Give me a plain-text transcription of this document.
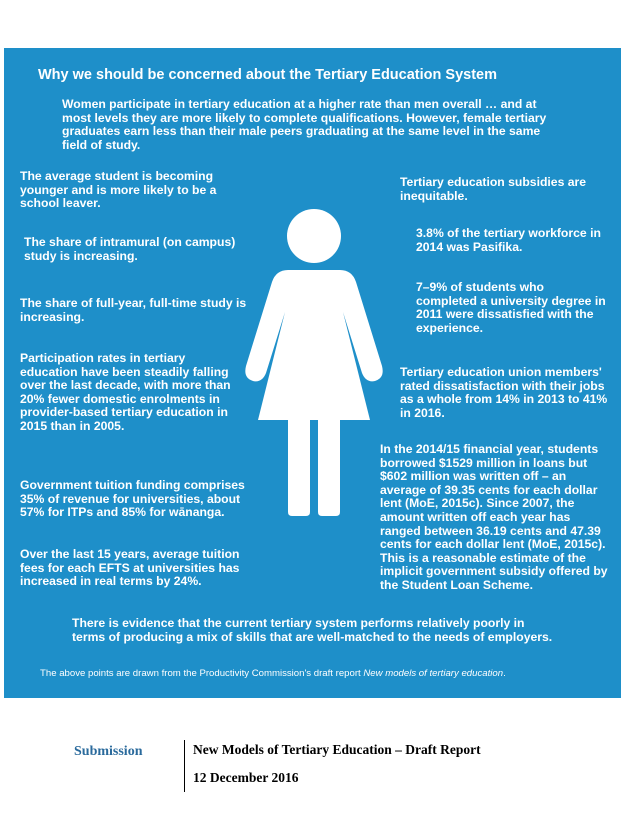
Why we should be concerned about the Tertiary Education System

Women participate in tertiary education at a higher rate than men overall … and at most levels they are more likely to complete qualifications. However, female tertiary graduates earn less than their male peers graduating at the same level in the same field of study.

The average student is becoming younger and is more likely to be a school leaver.

The share of intramural (on campus) study is increasing.

The share of full-year, full-time study is increasing.

Participation rates in tertiary education have been steadily falling over the last decade, with more than 20% fewer domestic enrolments in provider-based tertiary education in 2015 than in 2005.

Government tuition funding comprises 35% of revenue for universities, about 57% for ITPs and 85% for wānanga.

Over the last 15 years, average tuition fees for each EFTS at universities has increased in real terms by 24%.

Tertiary education subsidies are inequitable.

3.8% of the tertiary workforce in 2014 was Pasifika.

7–9% of students who completed a university degree in 2011 were dissatisfied with the experience.

Tertiary education union members' rated dissatisfaction with their jobs as a whole from 14% in 2013 to 41% in 2016.

In the 2014/15 financial year, students borrowed $1529 million in loans but $602 million was written off – an average of 39.35 cents for each dollar lent (MoE, 2015c). Since 2007, the amount written off each year has ranged between 36.19 cents and 47.39 cents for each dollar lent (MoE, 2015c). This is a reasonable estimate of the implicit government subsidy offered by the Student Loan Scheme.

There is evidence that the current tertiary system performs relatively poorly in terms of producing a mix of skills that are well-matched to the needs of employers.

The above points are drawn from the Productivity Commission's draft report New models of tertiary education.

Submission	New Models of Tertiary Education – Draft Report
12 December 2016
